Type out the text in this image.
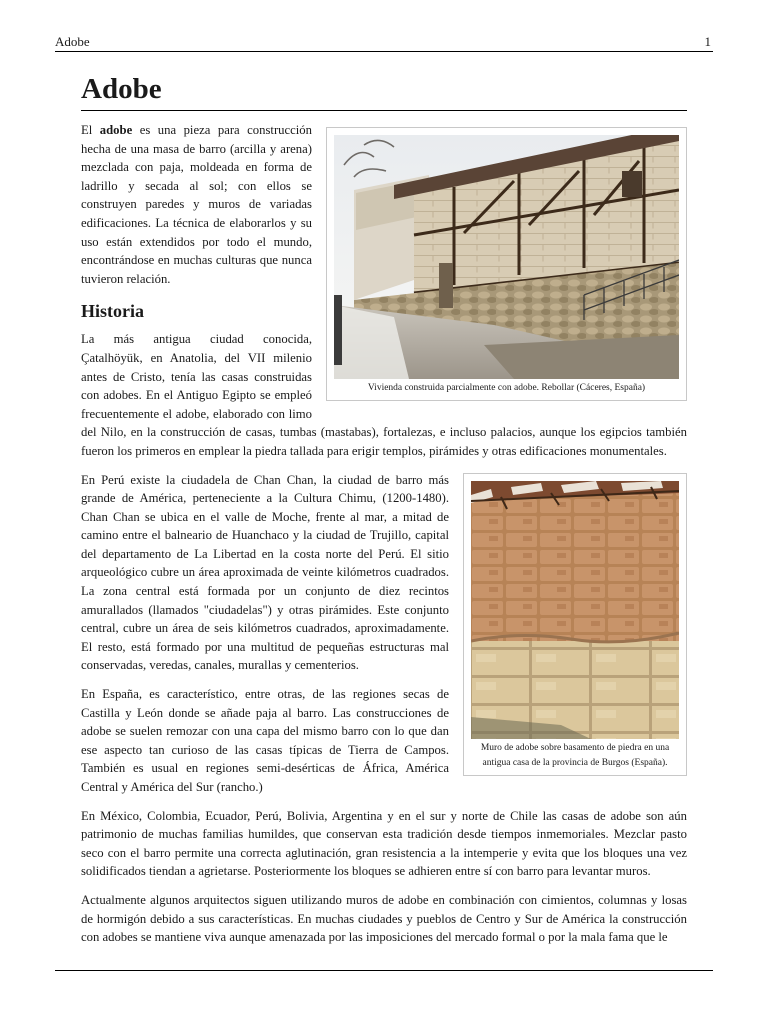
Adobe	1
Adobe
Vivienda construida parcialmente con adobe. Rebollar (Cáceres, España)

El adobe es una pieza para construcción hecha de una masa de barro (arcilla y arena) mezclada con paja, moldeada en forma de ladrillo y secada al sol; con ellos se construyen paredes y muros de variadas edificaciones. La técnica de elaborarlos y su uso están extendidos por todo el mundo, encontrándose en muchas culturas que nunca tuvieron relación.

Historia

La más antigua ciudad conocida, Çatalhöyük, en Anatolia, del VII milenio antes de Cristo, tenía las casas construidas con adobes. En el Antiguo Egipto se empleó frecuentemente el adobe, elaborado con limo del Nilo, en la construcción de casas, tumbas (mastabas), fortalezas, e incluso palacios, aunque los egipcios también fueron los primeros en emplear la piedra tallada para erigir templos, pirámides y otras edificaciones monumentales.

Muro de adobe sobre basamento de piedra en una antigua casa de la provincia de Burgos (España).

En Perú existe la ciudadela de Chan Chan, la ciudad de barro más grande de América, perteneciente a la Cultura Chimu, (1200-1480). Chan Chan se ubica en el valle de Moche, frente al mar, a mitad de camino entre el balneario de Huanchaco y la ciudad de Trujillo, capital del departamento de La Libertad en la costa norte del Perú. El sitio arqueológico cubre un área aproximada de veinte kilómetros cuadrados. La zona central está formada por un conjunto de diez recintos amurallados (llamados "ciudadelas") y otras pirámides. Este conjunto central, cubre un área de seis kilómetros cuadrados, aproximadamente. El resto, está formado por una multitud de pequeñas estructuras mal conservadas, veredas, canales, murallas y cementerios.

En España, es característico, entre otras, de las regiones secas de Castilla y León donde se añade paja al barro. Las construcciones de adobe se suelen remozar con una capa del mismo barro con lo que dan ese aspecto tan curioso de las casas típicas de Tierra de Campos. También es usual en regiones semi-desérticas de África, América Central y América del Sur (rancho.)

En México, Colombia, Ecuador, Perú, Bolivia, Argentina y en el sur y norte de Chile las casas de adobe son aún patrimonio de muchas familias humildes, que conservan esta tradición desde tiempos inmemoriales. Mezclar pasto seco con el barro permite una correcta aglutinación, gran resistencia a la intemperie y evita que los bloques una vez solidificados tiendan a agrietarse. Posteriormente los bloques se adhieren entre sí con barro para levantar muros.

Actualmente algunos arquitectos siguen utilizando muros de adobe en combinación con cimientos, columnas y losas de hormigón debido a sus características. En muchas ciudades y pueblos de Centro y Sur de América la construcción con adobes se mantiene viva aunque amenazada por las imposiciones del mercado formal o por la mala fama que le
